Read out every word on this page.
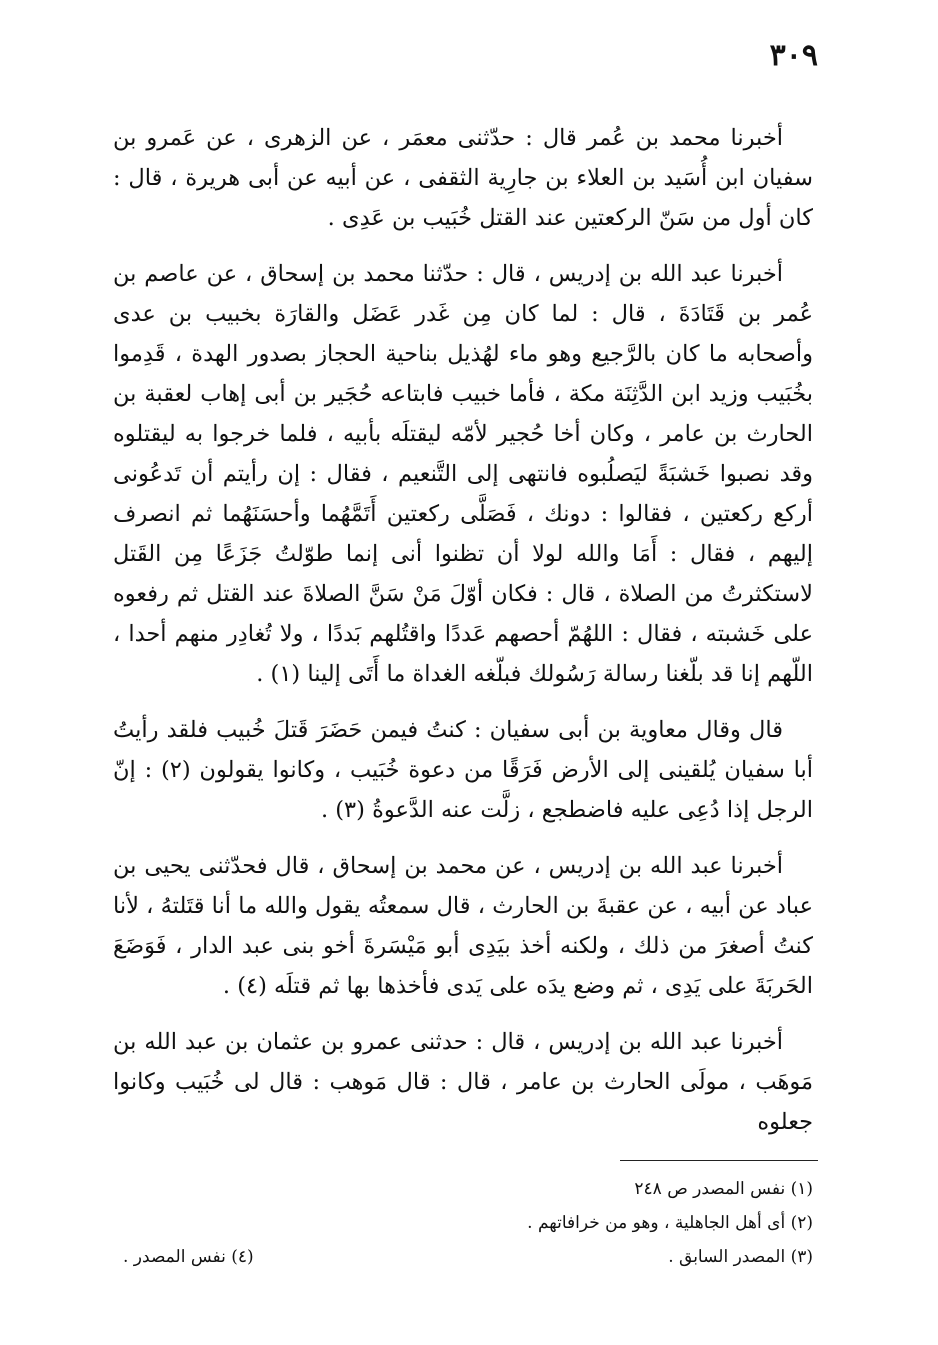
٣٠٩

أخبرنا محمد بن عُمر قال : حدّثنى معمَر ، عن الزهرى ، عن عَمرو بن سفيان ابن أُسَيد بن العلاء بن جارِية الثقفى ، عن أبيه عن أبى هريرة ، قال : كان أول من سَنّ الركعتين عند القتل خُبَيب بن عَدِى .

أخبرنا عبد الله بن إدريس ، قال : حدّثنا محمد بن إسحاق ، عن عاصم بن عُمر بن قَتَادَةَ ، قال : لما كان مِن غَدر عَضَل والقارَة بخبيب بن عدى وأصحابه ما كان بالرَّجيع وهو ماء لهُذيل بناحية الحجاز بصدور الهدة ، قَدِموا بخُبَيب وزيد ابن الدَّثِنَة مكة ، فأما خبيب فابتاعه حُجَير بن أبى إهاب لعقبة بن الحارث بن عامر ، وكان أخا حُجير لأمّه ليقتلَه بأبيه ، فلما خرجوا به ليقتلوه وقد نصبوا خَشبَةً ليَصلُبوه فانتهى إلى التَّنعيم ، فقال : إن رأيتم أن تَدعُونى أركع ركعتين ، فقالوا : دونك ، فَصَلَّى ركعتين أَتَمَّهُما وأحسَنَهُما ثم انصرف إليهم ، فقال : أَمَا والله لولا أن تظنوا أنى إنما طوّلتُ جَزَعًا مِن القَتل لاستكثرتُ من الصلاة ، قال : فكان أوّلَ مَنْ سَنَّ الصلاةَ عند القتل ثم رفعوه على خَشبته ، فقال : اللهُمّ أحصهم عَددًا واقتُلهم بَددًا ، ولا تُغادِر منهم أحدا ، اللّهم إنا قد بلّغنا رسالة رَسُولك فبلّغه الغداة ما أَتَى إلينا (١) .

قال وقال معاوية بن أبى سفيان : كنتُ فيمن حَضَرَ قَتلَ خُبيب فلقد رأيتُ أبا سفيان يُلقينى إلى الأرض فَرَقًا من دعوة خُبَيب ، وكانوا يقولون (٢) : إنّ الرجل إذا دُعِى عليه فاضطجع ، زلَّت عنه الدَّعوةُ (٣) .

أخبرنا عبد الله بن إدريس ، عن محمد بن إسحاق ، قال فحدّثنى يحيى بن عباد عن أبيه ، عن عقبةَ بن الحارث ، قال سمعتُه يقول والله ما أنا قتَلتهُ ، لأنا كنتُ أصغرَ من ذلك ، ولكنه أخذ بيَدِى أبو مَيْسَرةَ أخو بنى عبد الدار ، فَوَضَعَ الحَربَةَ على يَدِى ، ثم وضع يدَه على يَدى فأخذها بها ثم قتلَه (٤) .

أخبرنا عبد الله بن إدريس ، قال : حدثنى عمرو بن عثمان بن عبد الله بن مَوهَب ، مولَى الحارث بن عامر ، قال : قال مَوهب : قال لى خُبَيب وكانوا جعلوه

(١) نفس المصدر ص ٢٤٨
(٢) أى أهل الجاهلية ، وهو من خرافاتهم .
(٣) المصدر السابق .
(٤) نفس المصدر .
